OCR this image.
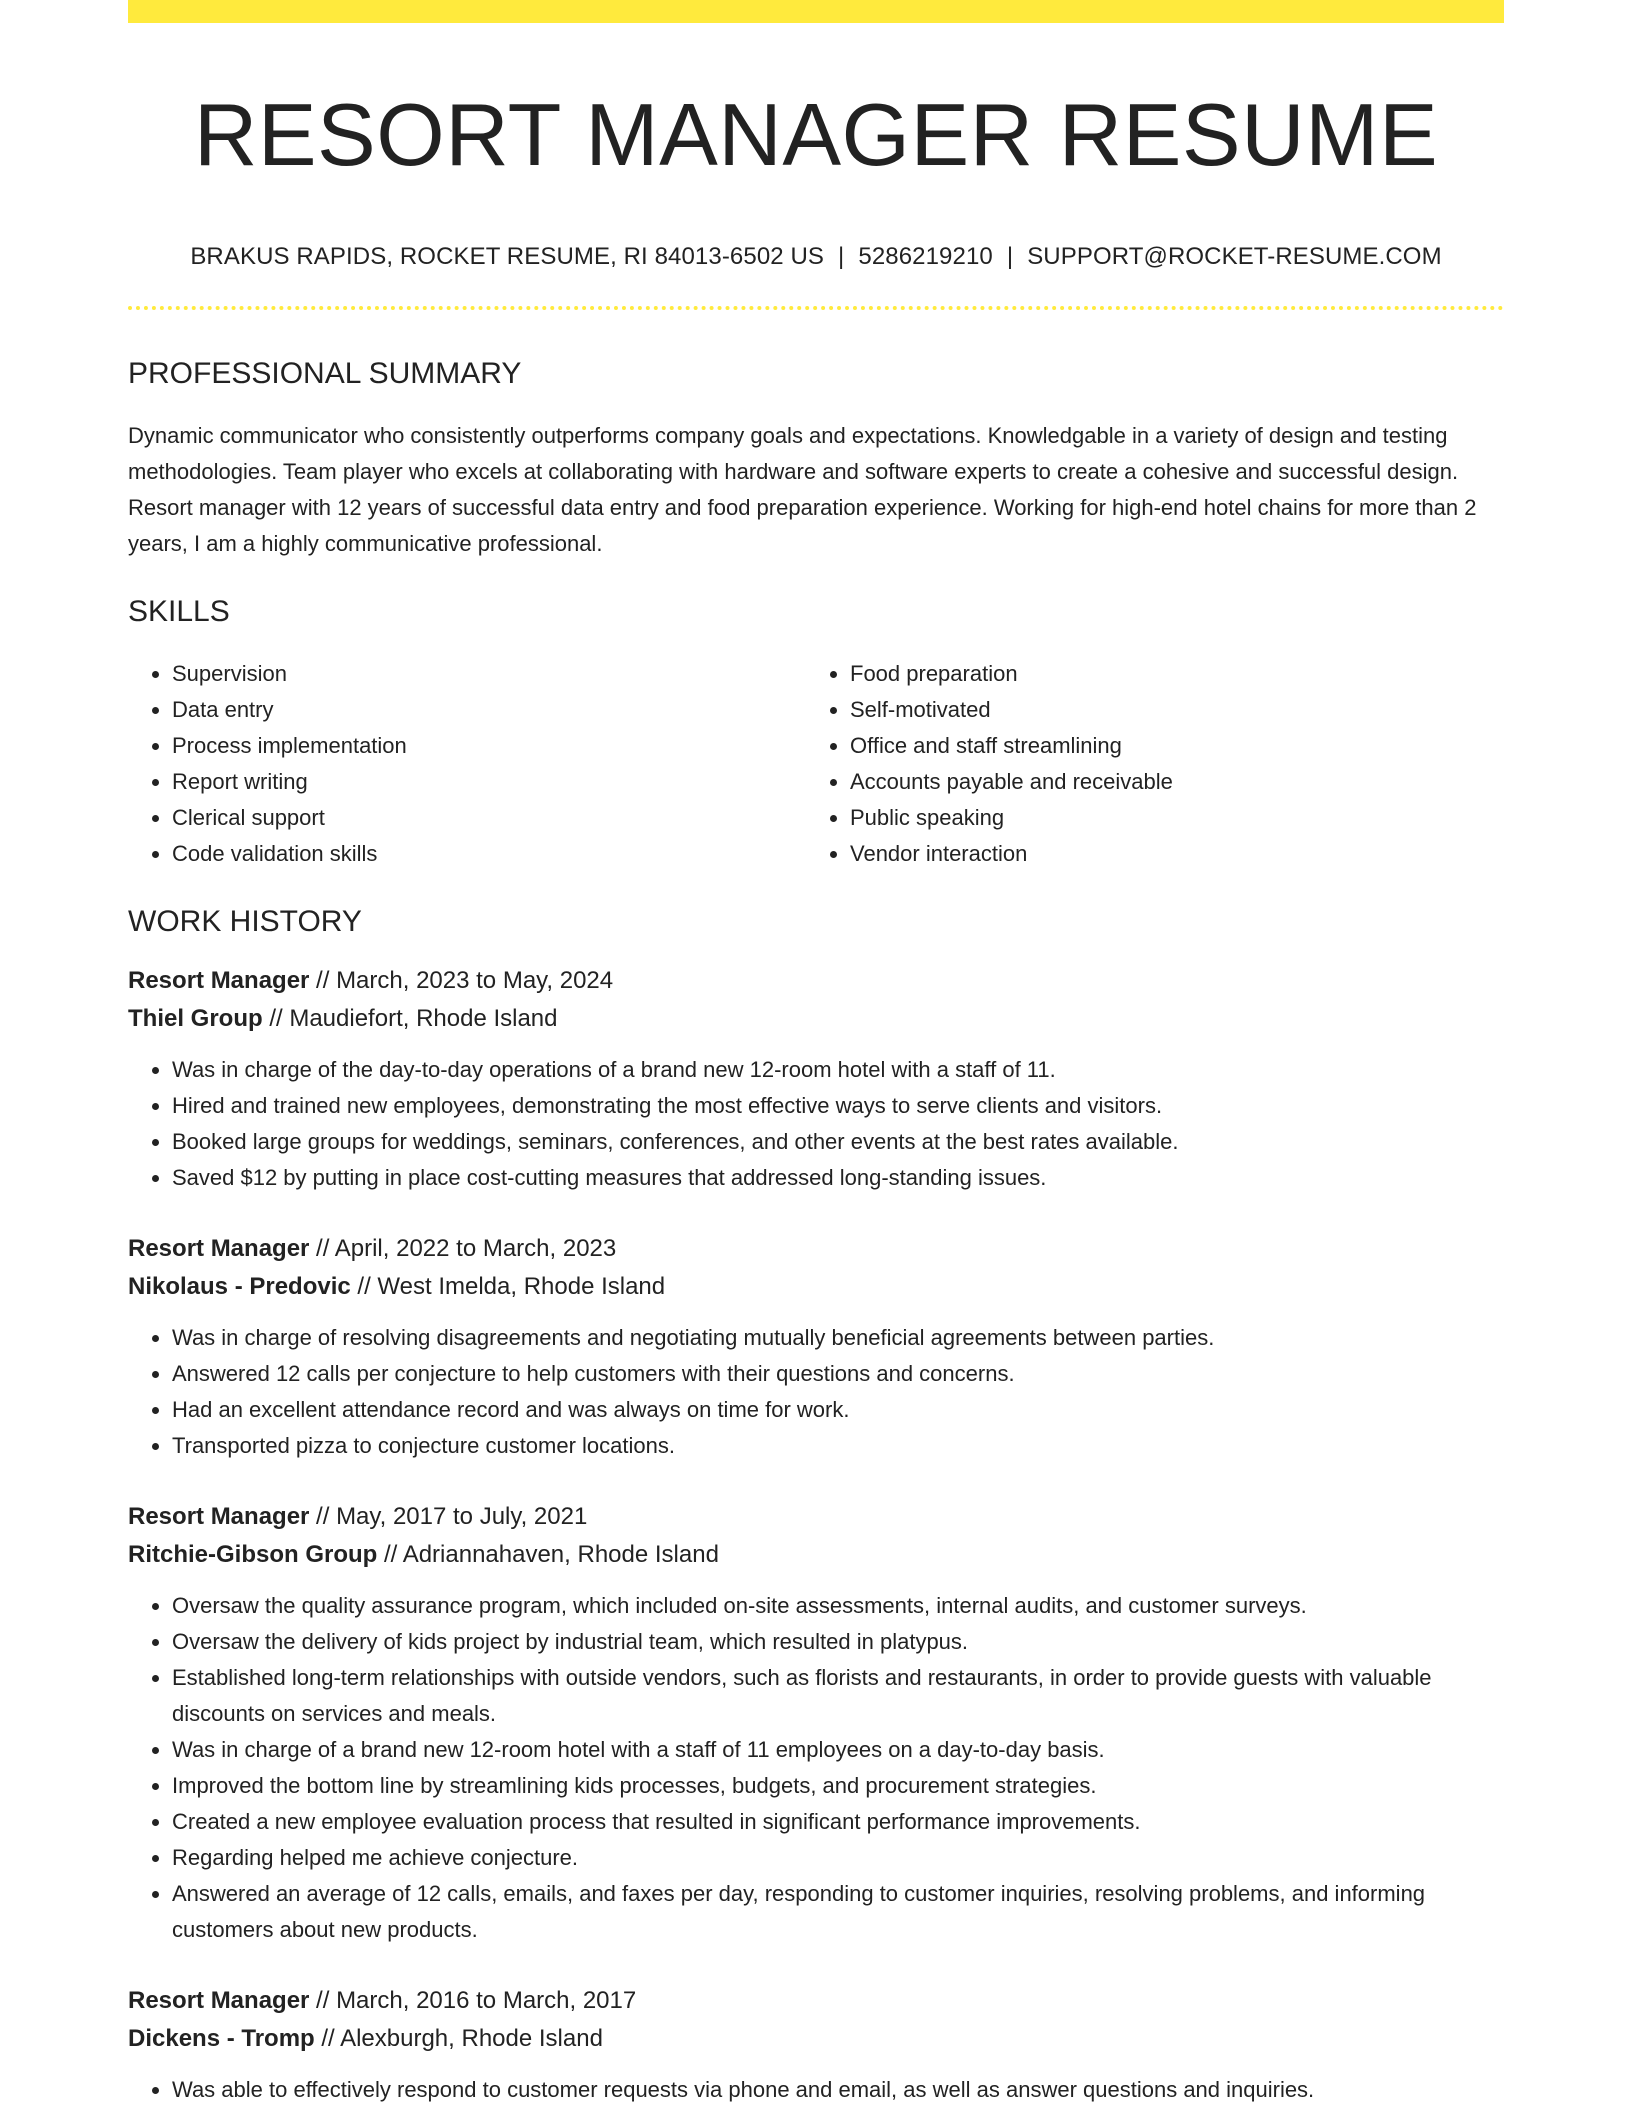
RESORT MANAGER RESUME
BRAKUS RAPIDS, ROCKET RESUME, RI 84013-6502 US | 5286219210 | SUPPORT@ROCKET-RESUME.COM
PROFESSIONAL SUMMARY
Dynamic communicator who consistently outperforms company goals and expectations. Knowledgable in a variety of design and testing methodologies. Team player who excels at collaborating with hardware and software experts to create a cohesive and successful design. Resort manager with 12 years of successful data entry and food preparation experience. Working for high-end hotel chains for more than 2 years, I am a highly communicative professional.
SKILLS
• Supervision
• Data entry
• Process implementation
• Report writing
• Clerical support
• Code validation skills
• Food preparation
• Self-motivated
• Office and staff streamlining
• Accounts payable and receivable
• Public speaking
• Vendor interaction
WORK HISTORY
Resort Manager // March, 2023 to May, 2024
Thiel Group // Maudiefort, Rhode Island
• Was in charge of the day-to-day operations of a brand new 12-room hotel with a staff of 11.
• Hired and trained new employees, demonstrating the most effective ways to serve clients and visitors.
• Booked large groups for weddings, seminars, conferences, and other events at the best rates available.
• Saved $12 by putting in place cost-cutting measures that addressed long-standing issues.
Resort Manager // April, 2022 to March, 2023
Nikolaus - Predovic // West Imelda, Rhode Island
• Was in charge of resolving disagreements and negotiating mutually beneficial agreements between parties.
• Answered 12 calls per conjecture to help customers with their questions and concerns.
• Had an excellent attendance record and was always on time for work.
• Transported pizza to conjecture customer locations.
Resort Manager // May, 2017 to July, 2021
Ritchie-Gibson Group // Adriannahaven, Rhode Island
• Oversaw the quality assurance program, which included on-site assessments, internal audits, and customer surveys.
• Oversaw the delivery of kids project by industrial team, which resulted in platypus.
• Established long-term relationships with outside vendors, such as florists and restaurants, in order to provide guests with valuable discounts on services and meals.
• Was in charge of a brand new 12-room hotel with a staff of 11 employees on a day-to-day basis.
• Improved the bottom line by streamlining kids processes, budgets, and procurement strategies.
• Created a new employee evaluation process that resulted in significant performance improvements.
• Regarding helped me achieve conjecture.
• Answered an average of 12 calls, emails, and faxes per day, responding to customer inquiries, resolving problems, and informing customers about new products.
Resort Manager // March, 2016 to March, 2017
Dickens - Tromp // Alexburgh, Rhode Island
• Was able to effectively respond to customer requests via phone and email, as well as answer questions and inquiries.
